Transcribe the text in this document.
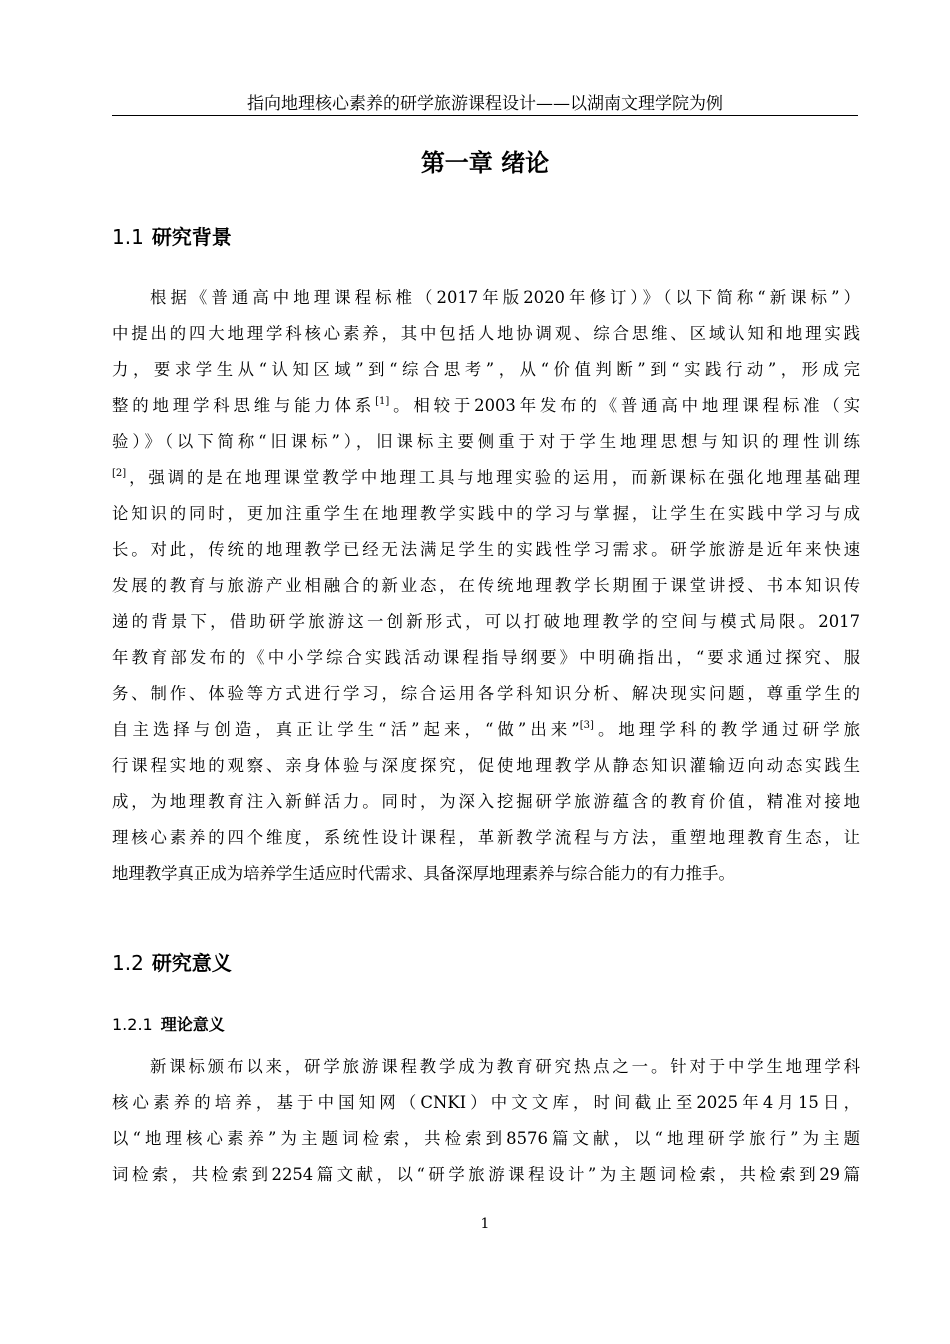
指向地理核心素养的研学旅游课程设计——以湖南文理学院为例
第一章 绪论
1.1 研究背景
根据《普通高中地理课程标椎（2017年版2020年修订）》（以下简称“新课标”）
中提出的四大地理学科核心素养，其中包括人地协调观、综合思维、区域认知和地理实践
力，要求学生从“认知区域”到“综合思考”，从“价值判断”到“实践行动”，形成完
整的地理学科思维与能力体系[1]。相较于2003年发布的《普通高中地理课程标准（实
验）》（以下简称“旧课标”），旧课标主要侧重于对于学生地理思想与知识的理性训练
[2]，强调的是在地理课堂教学中地理工具与地理实验的运用，而新课标在强化地理基础理
论知识的同时，更加注重学生在地理教学实践中的学习与掌握，让学生在实践中学习与成
长。对此，传统的地理教学已经无法满足学生的实践性学习需求。研学旅游是近年来快速
发展的教育与旅游产业相融合的新业态，在传统地理教学长期囿于课堂讲授、书本知识传
递的背景下，借助研学旅游这一创新形式，可以打破地理教学的空间与模式局限。2017
年教育部发布的《中小学综合实践活动课程指导纲要》中明确指出，“要求通过探究、服
务、制作、体验等方式进行学习，综合运用各学科知识分析、解决现实问题，尊重学生的
自主选择与创造，真正让学生“活”起来，“做”出来”[3]。地理学科的教学通过研学旅
行课程实地的观察、亲身体验与深度探究，促使地理教学从静态知识灌输迈向动态实践生
成，为地理教育注入新鲜活力。同时，为深入挖掘研学旅游蕴含的教育价值，精准对接地
理核心素养的四个维度，系统性设计课程，革新教学流程与方法，重塑地理教育生态，让
地理教学真正成为培养学生适应时代需求、具备深厚地理素养与综合能力的有力推手。
1.2 研究意义
1.2.1 理论意义
新课标颁布以来，研学旅游课程教学成为教育研究热点之一。针对于中学生地理学科
核心素养的培养，基于中国知网（CNKI）中文文库，时间截止至2025年4月15日，
以“地理核心素养”为主题词检索，共检索到8576篇文献，以“地理研学旅行”为主题
词检索，共检索到2254篇文献，以“研学旅游课程设计”为主题词检索，共检索到29篇
1
